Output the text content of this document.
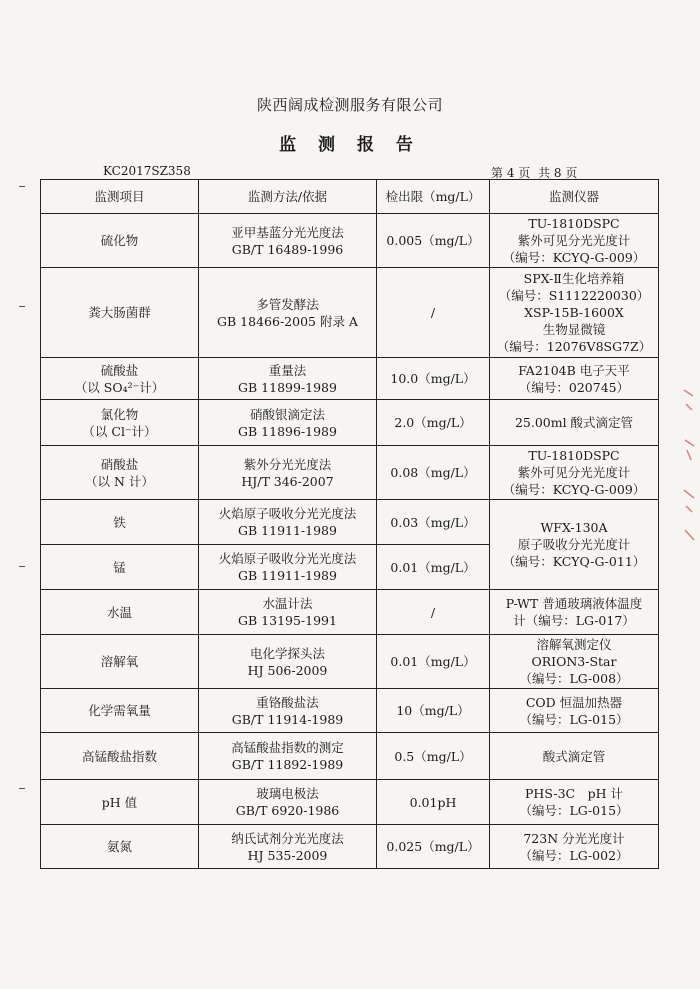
陕西阔成检测服务有限公司
监 测 报 告
KC2017SZ358	第 4 页 共 8 页
监测项目	监测方法/依据	检出限（mg/L）	监测仪器

硫化物	亚甲基蓝分光光度法
GB/T 16489-1996	0.005（mg/L）	TU-1810DSPC
紫外可见分光光度计
（编号：KCYQ-G-009）

粪大肠菌群	多管发酵法
GB 18466-2005 附录 A	/	SPX-Ⅱ生化培养箱
（编号：S1112220030）
XSP-15B-1600X
生物显微镜
（编号：12076V8SG7Z）

硫酸盐
（以 SO₄²⁻计）	重量法
GB 11899-1989	10.0（mg/L）	FA2104B 电子天平
（编号：020745）

氯化物
（以 Cl⁻计）	硝酸银滴定法
GB 11896-1989	2.0（mg/L）	25.00ml 酸式滴定管

硝酸盐
（以 N 计）	紫外分光光度法
HJ/T 346-2007	0.08（mg/L）	TU-1810DSPC
紫外可见分光光度计
（编号：KCYQ-G-009）

铁	火焰原子吸收分光光度法
GB 11911-1989	0.03（mg/L）	WFX-130A
原子吸收分光光度计
（编号：KCYQ-G-011）

锰	火焰原子吸收分光光度法
GB 11911-1989	0.01（mg/L）	

水温	水温计法
GB 13195-1991	/	P-WT 普通玻璃液体温度
计（编号：LG-017）

溶解氧	电化学探头法
HJ 506-2009	0.01（mg/L）	溶解氧测定仪
ORION3-Star
（编号：LG-008）

化学需氧量	重铬酸盐法
GB/T 11914-1989	10（mg/L）	COD 恒温加热器
（编号：LG-015）

高锰酸盐指数	高锰酸盐指数的测定
GB/T 11892-1989	0.5（mg/L）	酸式滴定管

pH 值	玻璃电极法
GB/T 6920-1986	0.01pH	PHS-3C　pH 计
（编号：LG-015）

氨氮	纳氏试剂分光光度法
HJ 535-2009	0.025（mg/L）	723N 分光光度计
（编号：LG-002）
